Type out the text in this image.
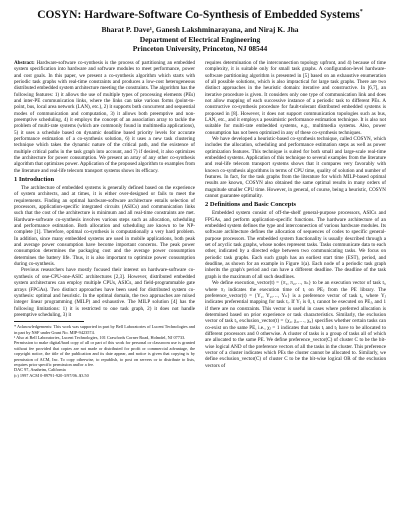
COSYN: Hardware-Software Co-Synthesis of Embedded Systems*
Bharat P. Dave¹, Ganesh Lakshminarayana, and Niraj K. Jha
Department of Electrical Engineering
Princeton University, Princeton, NJ 08544

Abstract: Hardware-software co-synthesis is the process of partitioning an embedded system specification into hardware and software modules to meet performance, power and cost goals. In this paper, we present a co-synthesis algorithm which starts with periodic task graphs with real-time constraints and produces a low-cost heterogeneous distributed embedded system architecture meeting the constraints. The algorithm has the following features: 1) it allows the use of multiple types of processing elements (PEs) and inter-PE communication links, where the links can take various forms (point-to-point, bus, local area network (LAN), etc.), 2) it supports both concurrent and sequential modes of communication and computation, 3) it allows both preemptive and non-preemptive scheduling, 4) it employs the concept of an association array to tackle the problem of multi-rate systems (which are commonly found in multimedia applications), 5) it uses a schedule based on dynamic deadline based priority levels for accurate performance estimation of a co-synthesis solution, 6) it uses a new task clustering technique which takes the dynamic nature of the critical path, and the existence of multiple critical paths in the task graph into account, and 7) if desired, it also optimizes the architecture for power consumption. We present an array of any other co-synthesis algorithm that optimizes power. Application of the proposed algorithm to examples from the literature and real-life telecom transport systems shows its efficacy.

1 Introduction

The architecture of embedded systems is generally defined based on the experience of system architects, and at times, it is either over-designed or fails to meet the requirements. Finding an optimal hardware-software architecture entails selection of processors, application-specific integrated circuits (ASICs) and communication links such that the cost of the architecture is minimum and all real-time constraints are met. Hardware-software co-synthesis involves various steps such as allocation, scheduling and performance estimation. Both allocation and scheduling are known to be NP-complete [1]. Therefore, optimal co-synthesis is computationally a very hard problem. In addition, since many embedded systems are used in mobile applications, both peak and average power consumption have become important concerns. The peak power consumption determines the packaging cost and the average power consumption determines the battery life. Thus, it is also important to optimize power consumption during co-synthesis.

Previous researchers have mostly focused their interest on hardware-software co-synthesis of one-CPU-one-ASIC architectures [2,3]. However, distributed embedded system architectures can employ multiple CPUs, ASICs, and field-programmable gate arrays (FPGAs). Two distinct approaches have been used for distributed system co-synthesis: optimal and heuristic. In the optimal domain, the two approaches are mixed integer linear programming (MILP) and exhaustive. The MILP solution [4] has the following limitations: 1) it is restricted to one task graph, 2) it does not handle preemptive scheduling, 3) it

* Acknowledgements: This work was supported in part by Bell Laboratories of Lucent Technologies and in part by NSF under Grant No. MIP-9423574.

¹ Also at Bell Laboratories, Lucent Technologies, 101 Crawfords Corner Road, Holmdel, NJ 07733.

Permission to make digital/hard copy of all or part of this work for personal or classroom use is granted without fee provided that copies are not made or distributed for profit or commercial advantage, the copyright notice, the title of the publication and its date appear, and notice is given that copying is by permission of ACM, Inc. To copy otherwise, to republish, to post on servers or to distribute to lists, requires prior specific permission and/or a fee.

DAC 97, Anaheim, California

(c) 1997 ACM 0-89791-920-3/97/06..$3.50

requires determination of the interconnection topology upfront, and 4) because of time complexity, it is suitable only for small task graphs. A configuration-level hardware-software partitioning algorithm is presented in [5] based on an exhaustive enumeration of all possible solutions, which is also impractical for large task graphs. There are two distinct approaches in the heuristic domain: iterative and constructive. In [6,7], an iterative procedure is given. It considers only one type of communication link and does not allow mapping of each successive instance of a periodic task to different PEs. A constructive co-synthesis procedure for fault-tolerant distributed embedded systems is proposed in [8]. However, it does not support communication topologies such as bus, LAN, etc., and it employs a pessimistic performance estimation technique. It is also not suitable for multi-rate embedded systems, e.g., multimedia systems. Also, power consumption has not been optimized in any of these co-synthesis techniques.

We have developed a heuristic-based co-synthesis technique, called COSYN, which includes the allocation, scheduling and performance estimation steps as well as power optimization features. This technique is suited for both small and large-scale real-time embedded systems. Application of this technique to several examples from the literature and real-life telecom transport systems shows that it compares very favorably with known co-synthesis algorithms in terms of CPU time, quality of solution and number of features. In fact, for the task graphs from the literature for which MILP-based optimal results are known, COSYN also obtained the same optimal results in many orders of magnitude smaller CPU time. However, in general, of course, being a heuristic, COSYN cannot guarantee optimality.

2 Definitions and Basic Concepts

Embedded system consist of off-the-shelf general-purpose processors, ASICs and FPGAs, and perform application-specific functions. The hardware architecture of an embedded system defines the type and interconnection of various hardware modules. Its software architecture defines the allocation of sequences of codes to specific general-purpose processors. The embedded system functionality is usually described through a set of acyclic task graphs, whose nodes represent tasks. Tasks communicate data to each other, indicated by a directed edge between two communicating tasks. We focus on periodic task graphs. Each such graph has an earliest start time (EST), period, and deadline, as shown for an example in Figure 1(a). Each node of a periodic task graph inherits the graph's period and can have a different deadline. The deadline of the task graph is the maximum of all such deadlines.

We define execution_vector(t) = {π₁, π₂,…, πₙ} to be an execution vector of task tᵢ, where πⱼ indicates the execution time of tᵢ on PEⱼ from the PE library. The preference_vector(t) = {Υ₁, Υ₂,…, Υₙ} is a preference vector of task tᵢ, where Υⱼ indicates preferential mapping for task tᵢ. If Υⱼ is 0, tᵢ cannot be executed on PEⱼ, and 1 if there are no constraints. This vector is useful in cases where preferred allocation is determined based on prior experience or task characteristics. Similarly, the exclusion vector of task tᵢ, exclusion_vector(t) = {χ₁, χ₂,…, χᵩ} specifies whether certain tasks can co-exist on the same PE, i.e., χⱼ = 1 indicates that tasks tᵢ and tⱼ have to be allocated to different processors and 0 otherwise. A cluster of tasks is a group of tasks all of which are allocated to the same PE. We define preference_vector(C) of cluster C to be the bit-wise logical AND of the preference vectors of all the tasks in the cluster. This preference vector of a cluster indicates which PEs the cluster cannot be allocated to. Similarly, we define exclusion_vector(C) of cluster C to be the bit-wise logical OR of the exclusion vectors of
